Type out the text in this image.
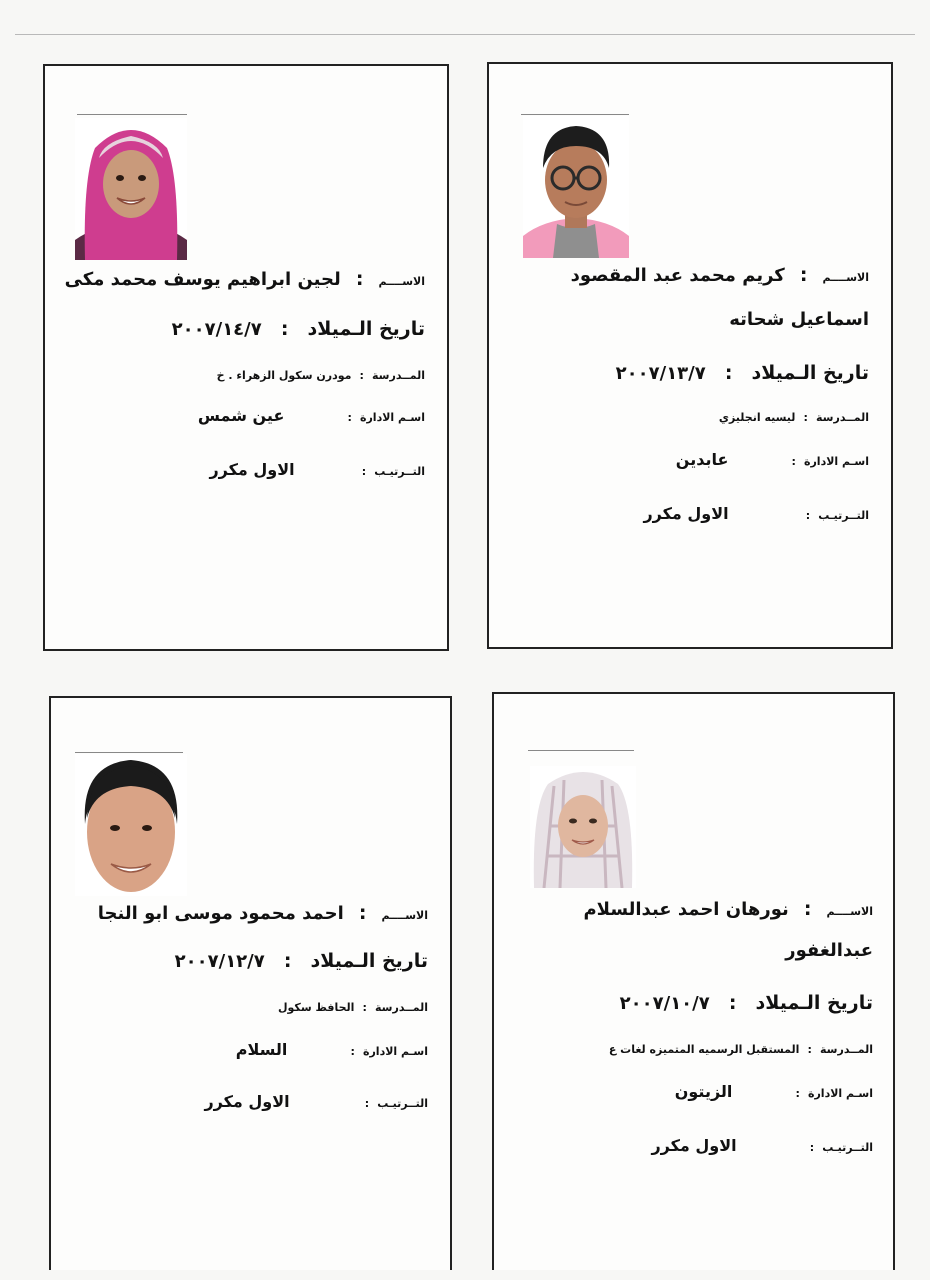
الاســــم : كريم محمد عبد المقصود
اسماعيل شحاته
تاريخ الـميلاد : ٢٠٠٧/١٣/٧
المــدرسة : ليسيه انجليزي
اسـم الادارة : عابدين
التــرتيـب : الاول مكرر
الاســــم : لجين ابراهيم يوسف محمد مكى
تاريخ الـميلاد : ٢٠٠٧/١٤/٧
المــدرسة : مودرن سكول الزهراء . خ
اسـم الادارة : عين شمس
التــرتيـب : الاول مكرر
الاســــم : نورهان احمد عبدالسلام
عبدالغفور
تاريخ الـميلاد : ٢٠٠٧/١٠/٧
المــدرسة : المستقبل الرسميه المتميزه لغات ع
اسـم الادارة : الزيتون
التــرتيـب : الاول مكرر
الاســــم : احمد محمود موسى ابو النجا
تاريخ الـميلاد : ٢٠٠٧/١٢/٧
المــدرسة : الحافظ سكول
اسـم الادارة : السلام
التــرتيـب : الاول مكرر
